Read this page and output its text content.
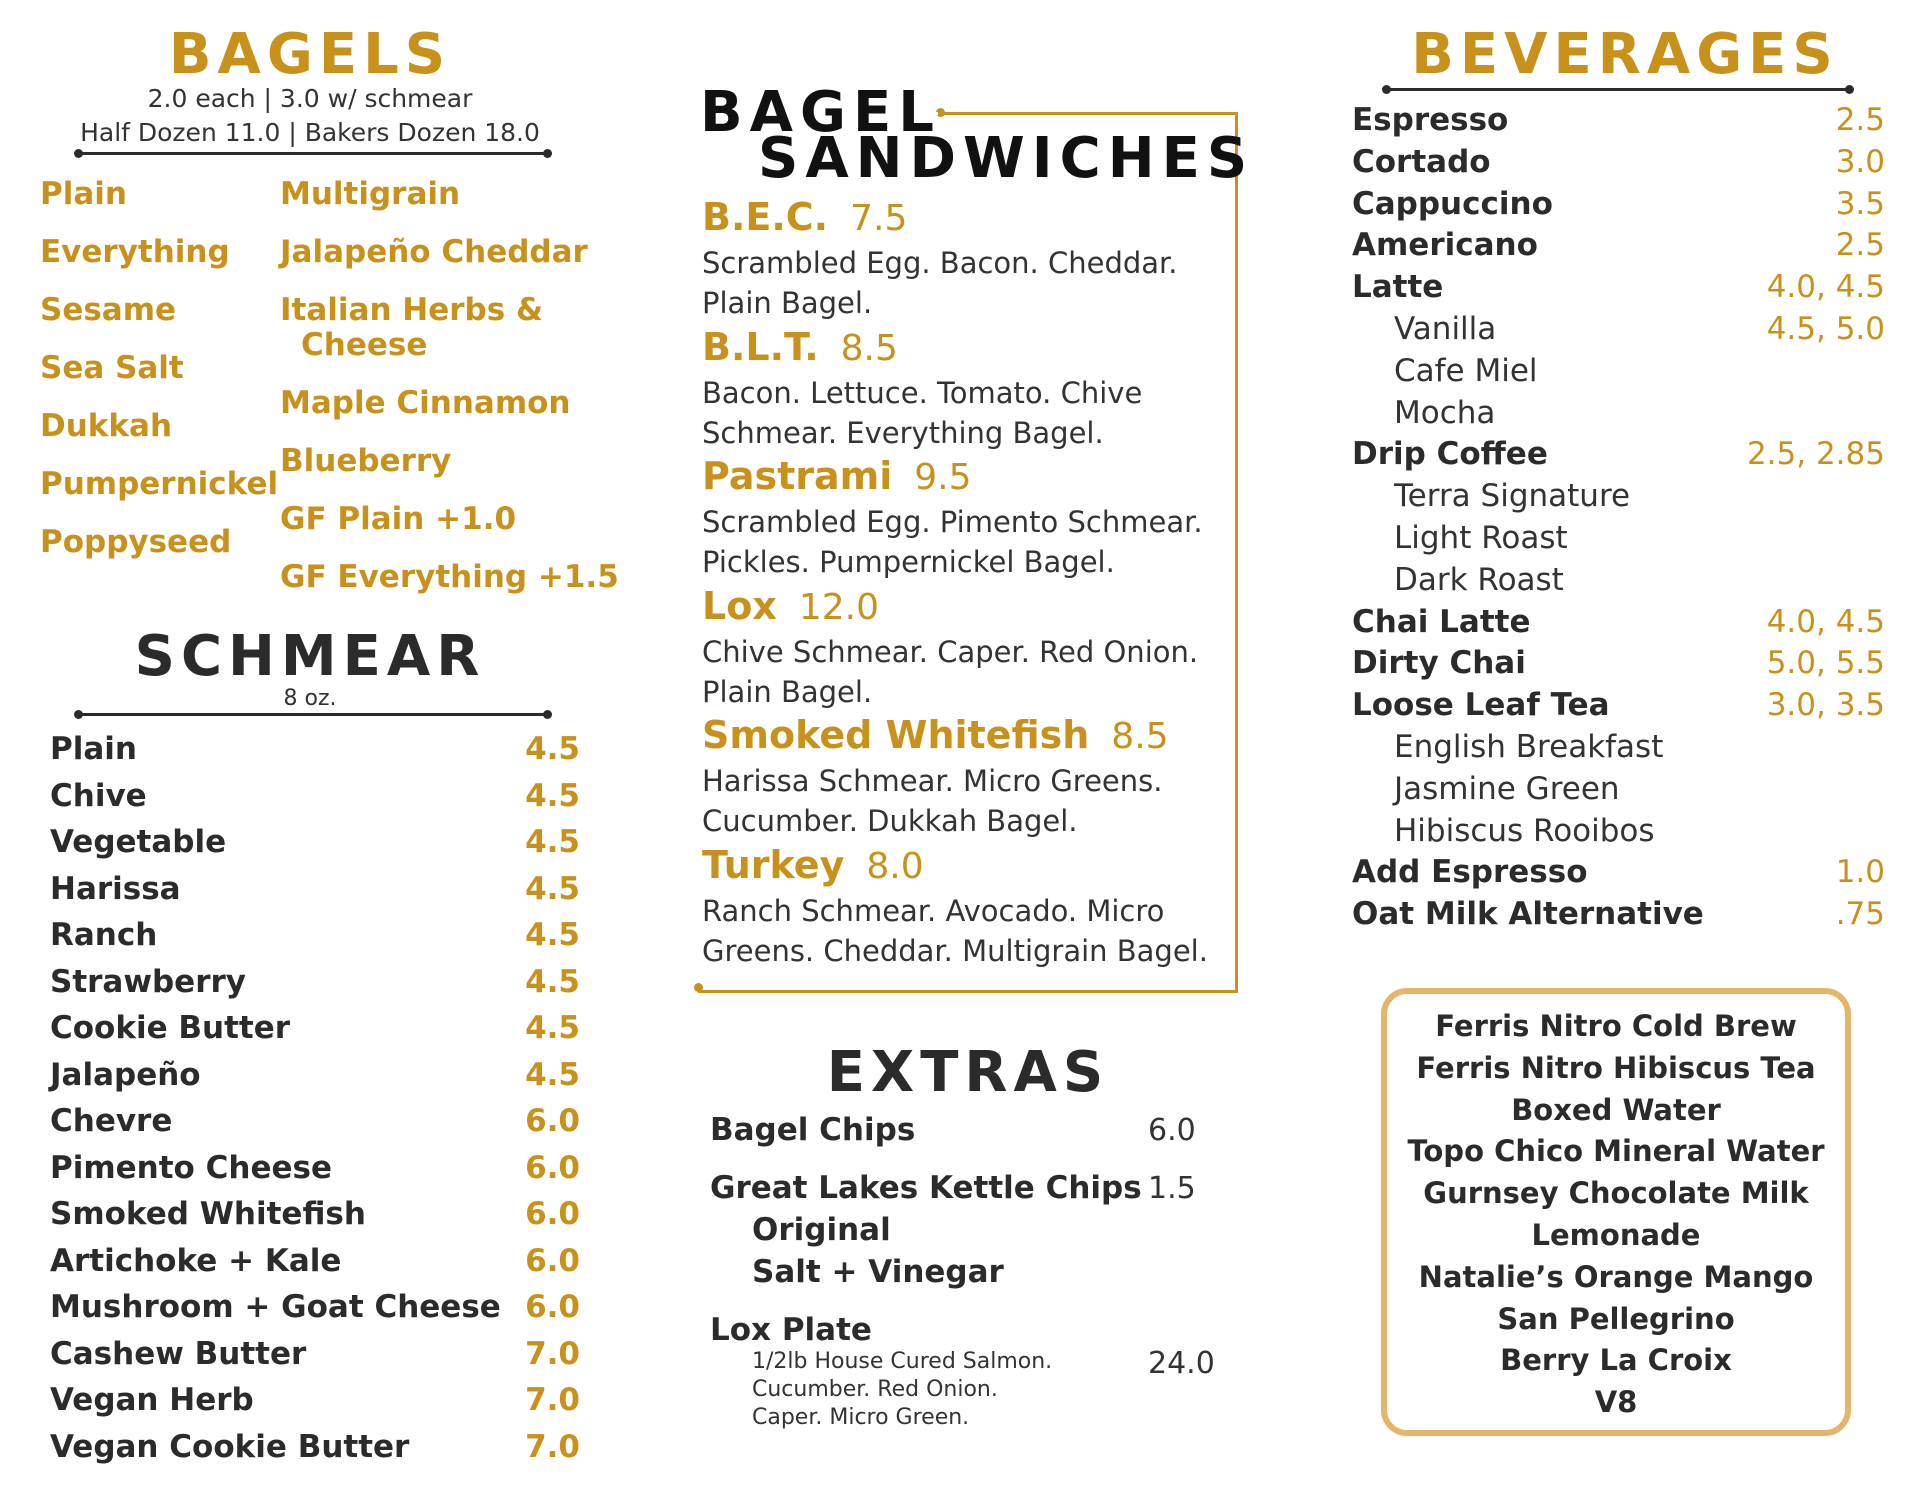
BAGELS
2.0 each | 3.0 w/ schmear
Half Dozen 11.0 | Bakers Dozen 18.0
Plain
Everything
Sesame
Sea Salt
Dukkah
Pumpernickel
Poppyseed
Multigrain
Jalapeño Cheddar
Italian Herbs &
Cheese
Maple Cinnamon
Blueberry
GF Plain +1.0
GF Everything +1.5
SCHMEAR
8 oz.
Plain	4.5
Chive	4.5
Vegetable	4.5
Harissa	4.5
Ranch	4.5
Strawberry	4.5
Cookie Butter	4.5
Jalapeño	4.5
Chevre	6.0
Pimento Cheese	6.0
Smoked Whitefish	6.0
Artichoke + Kale	6.0
Mushroom + Goat Cheese 6.0
Cashew Butter	7.0
Vegan Herb	7.0
Vegan Cookie Butter	7.0
BAGEL
SANDWICHES
B.E.C. 7.5
Scrambled Egg. Bacon. Cheddar.
Plain Bagel.
B.L.T. 8.5
Bacon. Lettuce. Tomato. Chive
Schmear. Everything Bagel.
Pastrami 9.5
Scrambled Egg. Pimento Schmear.
Pickles. Pumpernickel Bagel.
Lox 12.0
Chive Schmear. Caper. Red Onion.
Plain Bagel.
Smoked Whitefish 8.5
Harissa Schmear. Micro Greens.
Cucumber. Dukkah Bagel.
Turkey 8.0
Ranch Schmear. Avocado. Micro
Greens. Cheddar. Multigrain Bagel.
EXTRAS
Bagel Chips	6.0
Great Lakes Kettle Chips 1.5
Original
Salt + Vinegar
Lox Plate
1/2lb House Cured Salmon.
Cucumber. Red Onion.
Caper. Micro Green.
24.0
BEVERAGES
Espresso	2.5
Cortado	3.0
Cappuccino	3.5
Americano	2.5
Latte	4.0, 4.5
Vanilla	4.5, 5.0
Cafe Miel
Mocha
Drip Coffee	2.5, 2.85
Terra Signature
Light Roast
Dark Roast
Chai Latte	4.0, 4.5
Dirty Chai	5.0, 5.5
Loose Leaf Tea	3.0, 3.5
English Breakfast
Jasmine Green
Hibiscus Rooibos
Add Espresso	1.0
Oat Milk Alternative	.75
Ferris Nitro Cold Brew
Ferris Nitro Hibiscus Tea
Boxed Water
Topo Chico Mineral Water
Gurnsey Chocolate Milk
Lemonade
Natalie’s Orange Mango
San Pellegrino
Berry La Croix
V8
